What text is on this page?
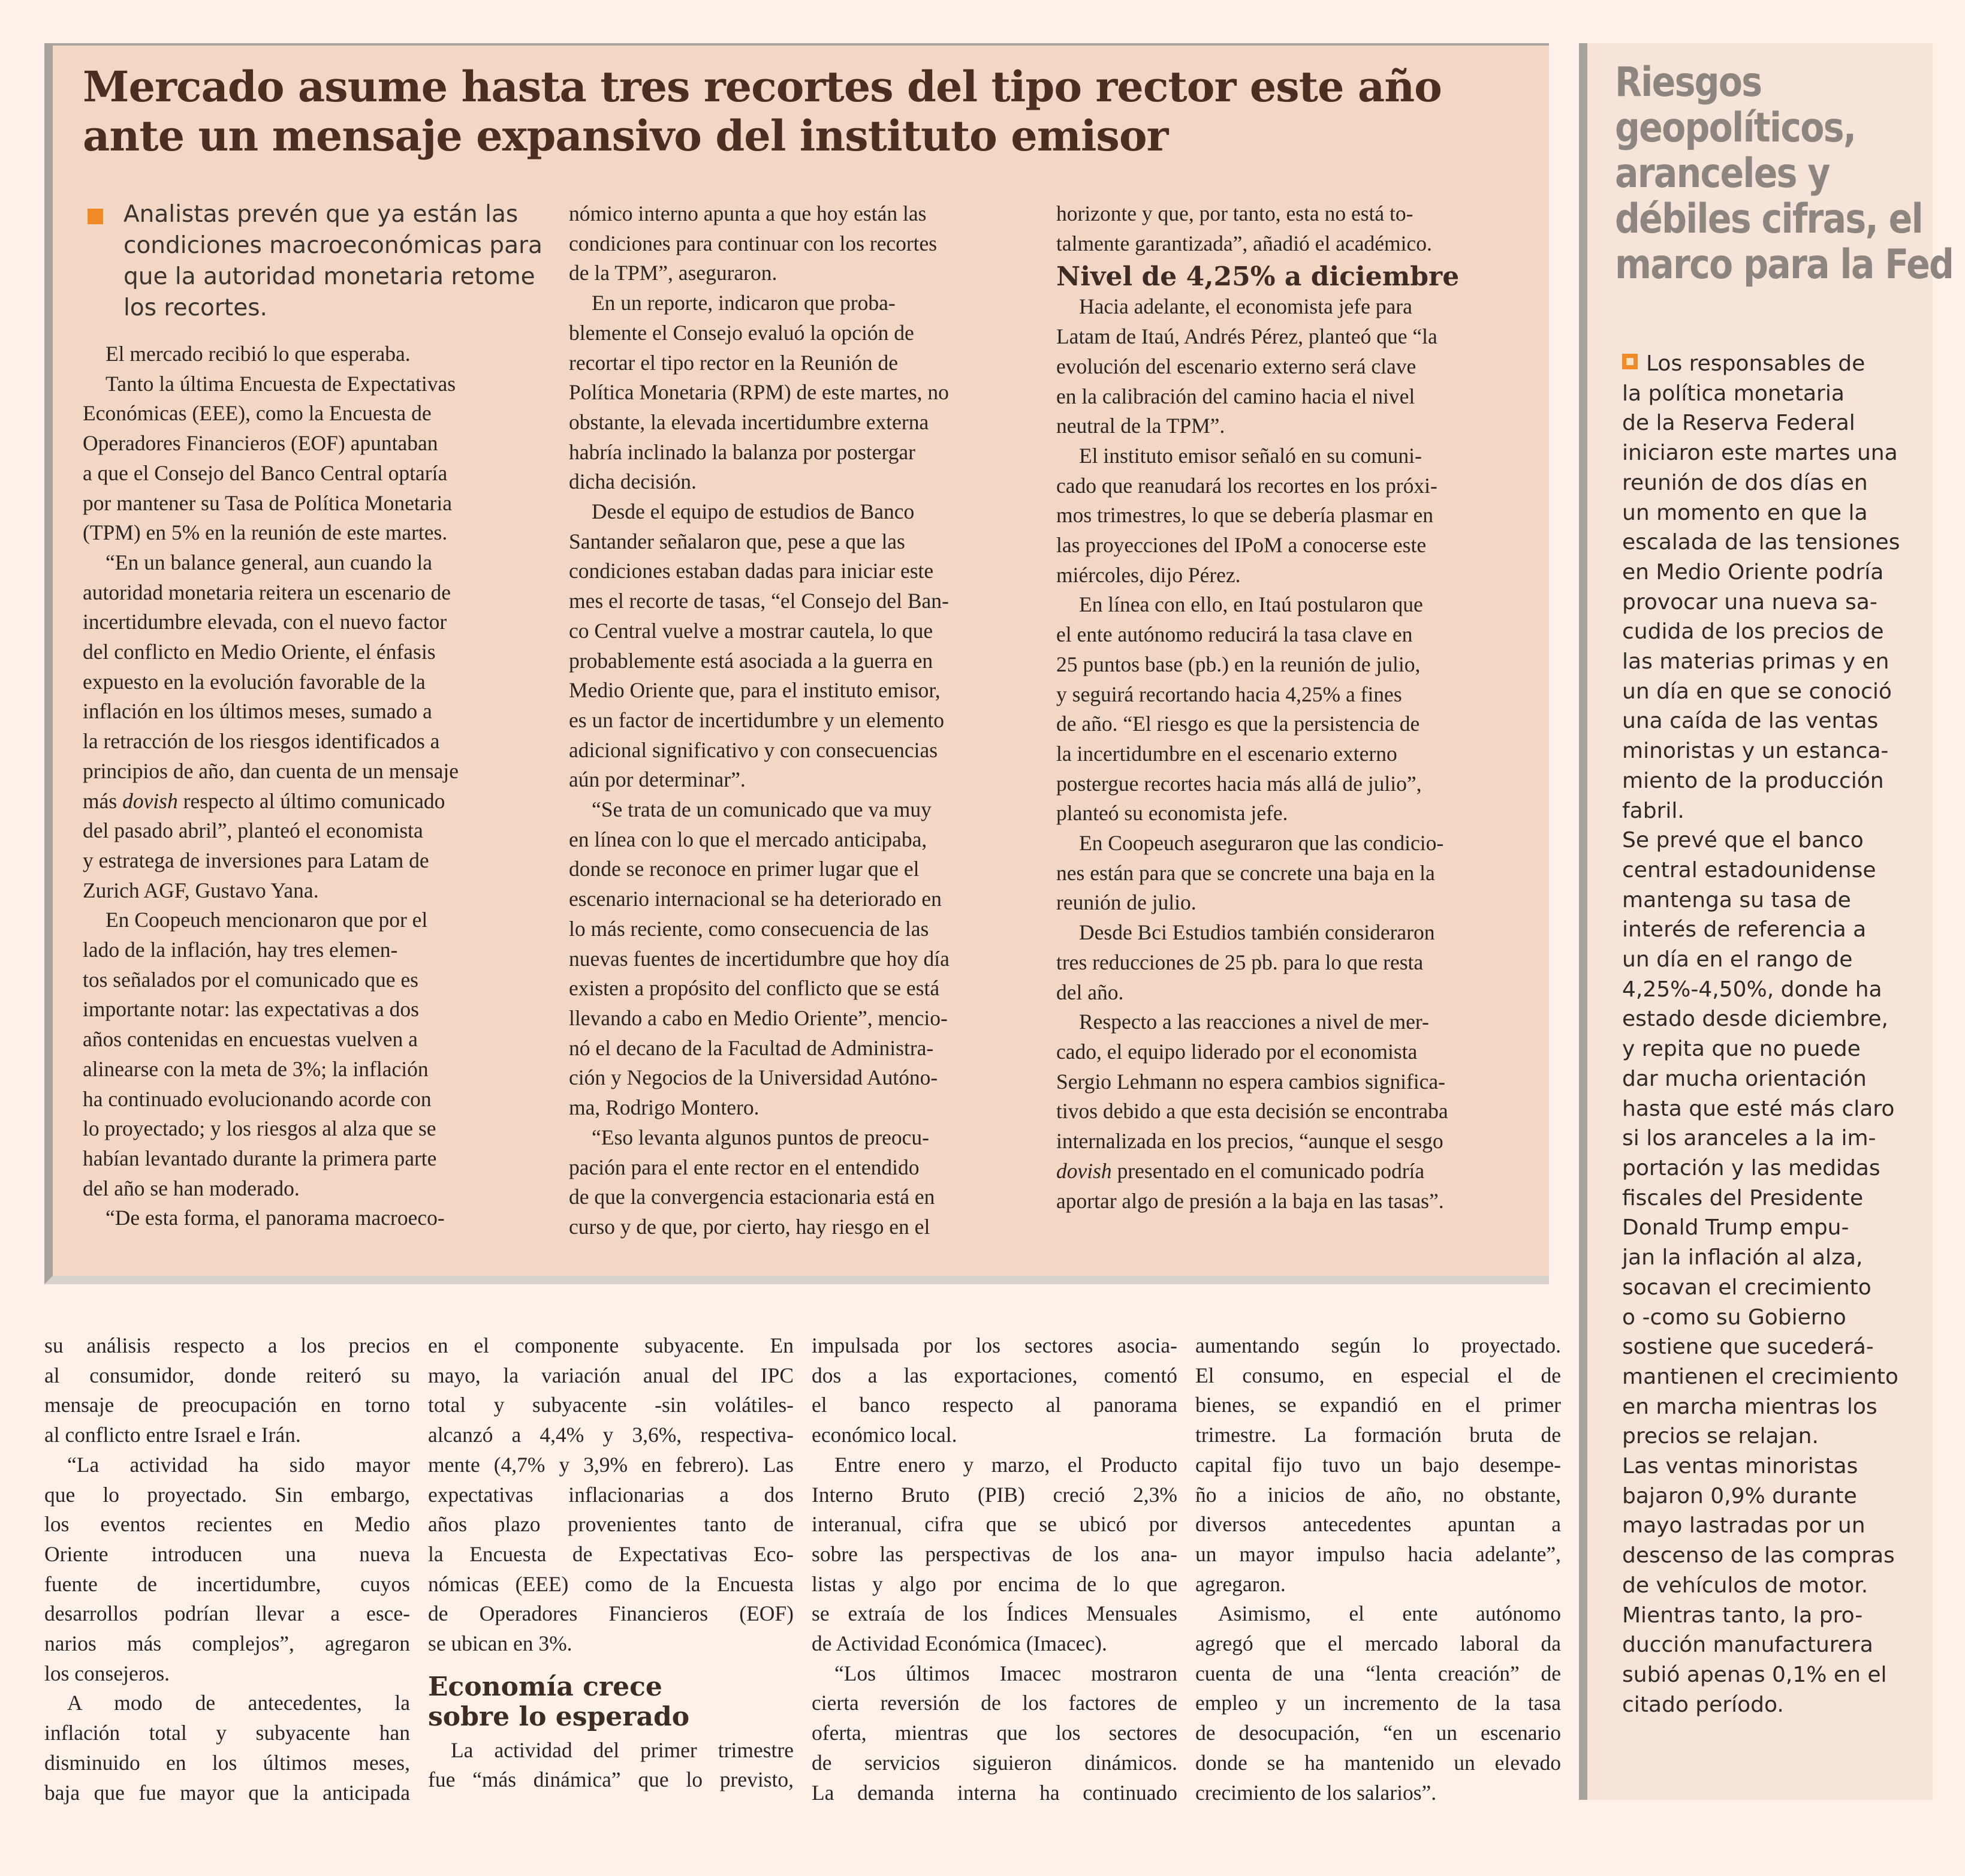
Mercado asume hasta tres recortes del tipo rector este año
ante un mensaje expansivo del instituto emisor
Analistas prevén que ya están las
condiciones macroeconómicas para
que la autoridad monetaria retome
los recortes.

El mercado recibió lo que esperaba.

Tanto la última Encuesta de Expectativas

Económicas (EEE), como la Encuesta de

Operadores Financieros (EOF) apuntaban

a que el Consejo del Banco Central optaría

por mantener su Tasa de Política Monetaria

(TPM) en 5% en la reunión de este martes.

“En un balance general, aun cuando la

autoridad monetaria reitera un escenario de

incertidumbre elevada, con el nuevo factor

del conflicto en Medio Oriente, el énfasis

expuesto en la evolución favorable de la

inflación en los últimos meses, sumado a

la retracción de los riesgos identificados a

principios de año, dan cuenta de un mensaje

más dovish respecto al último comunicado

del pasado abril”, planteó el economista

y estratega de inversiones para Latam de

Zurich AGF, Gustavo Yana.

En Coopeuch mencionaron que por el

lado de la inflación, hay tres elemen-

tos señalados por el comunicado que es

importante notar: las expectativas a dos

años contenidas en encuestas vuelven a

alinearse con la meta de 3%; la inflación

ha continuado evolucionando acorde con

lo proyectado; y los riesgos al alza que se

habían levantado durante la primera parte

del año se han moderado.

“De esta forma, el panorama macroeco-

nómico interno apunta a que hoy están las

condiciones para continuar con los recortes

de la TPM”, aseguraron.

En un reporte, indicaron que proba-

blemente el Consejo evaluó la opción de

recortar el tipo rector en la Reunión de

Política Monetaria (RPM) de este martes, no

obstante, la elevada incertidumbre externa

habría inclinado la balanza por postergar

dicha decisión.

Desde el equipo de estudios de Banco

Santander señalaron que, pese a que las

condiciones estaban dadas para iniciar este

mes el recorte de tasas, “el Consejo del Ban-

co Central vuelve a mostrar cautela, lo que

probablemente está asociada a la guerra en

Medio Oriente que, para el instituto emisor,

es un factor de incertidumbre y un elemento

adicional significativo y con consecuencias

aún por determinar”.

“Se trata de un comunicado que va muy

en línea con lo que el mercado anticipaba,

donde se reconoce en primer lugar que el

escenario internacional se ha deteriorado en

lo más reciente, como consecuencia de las

nuevas fuentes de incertidumbre que hoy día

existen a propósito del conflicto que se está

llevando a cabo en Medio Oriente”, mencio-

nó el decano de la Facultad de Administra-

ción y Negocios de la Universidad Autóno-

ma, Rodrigo Montero.

“Eso levanta algunos puntos de preocu-

pación para el ente rector en el entendido

de que la convergencia estacionaria está en

curso y de que, por cierto, hay riesgo en el

horizonte y que, por tanto, esta no está to-

talmente garantizada”, añadió el académico.

Nivel de 4,25% a diciembre

Hacia adelante, el economista jefe para

Latam de Itaú, Andrés Pérez, planteó que “la

evolución del escenario externo será clave

en la calibración del camino hacia el nivel

neutral de la TPM”.

El instituto emisor señaló en su comuni-

cado que reanudará los recortes en los próxi-

mos trimestres, lo que se debería plasmar en

las proyecciones del IPoM a conocerse este

miércoles, dijo Pérez.

En línea con ello, en Itaú postularon que

el ente autónomo reducirá la tasa clave en

25 puntos base (pb.) en la reunión de julio,

y seguirá recortando hacia 4,25% a fines

de año. “El riesgo es que la persistencia de

la incertidumbre en el escenario externo

postergue recortes hacia más allá de julio”,

planteó su economista jefe.

En Coopeuch aseguraron que las condicio-

nes están para que se concrete una baja en la

reunión de julio.

Desde Bci Estudios también consideraron

tres reducciones de 25 pb. para lo que resta

del año.

Respecto a las reacciones a nivel de mer-

cado, el equipo liderado por el economista

Sergio Lehmann no espera cambios significa-

tivos debido a que esta decisión se encontraba

internalizada en los precios, “aunque el sesgo

dovish presentado en el comunicado podría

aportar algo de presión a la baja en las tasas”.

su análisis respecto a los precios

al consumidor, donde reiteró su

mensaje de preocupación en torno

al conflicto entre Israel e Irán.

“La actividad ha sido mayor

que lo proyectado. Sin embargo,

los eventos recientes en Medio

Oriente introducen una nueva

fuente de incertidumbre, cuyos

desarrollos podrían llevar a esce-

narios más complejos”, agregaron

los consejeros.

A modo de antecedentes, la

inflación total y subyacente han

disminuido en los últimos meses,

baja que fue mayor que la anticipada

en el componente subyacente. En

mayo, la variación anual del IPC

total y subyacente -sin volátiles-

alcanzó a 4,4% y 3,6%, respectiva-

mente (4,7% y 3,9% en febrero). Las

expectativas inflacionarias a dos

años plazo provenientes tanto de

la Encuesta de Expectativas Eco-

nómicas (EEE) como de la Encuesta

de Operadores Financieros (EOF)

se ubican en 3%.

Economía crece
sobre lo esperado

La actividad del primer trimestre

fue “más dinámica” que lo previsto,

impulsada por los sectores asocia-

dos a las exportaciones, comentó

el banco respecto al panorama

económico local.

Entre enero y marzo, el Producto

Interno Bruto (PIB) creció 2,3%

interanual, cifra que se ubicó por

sobre las perspectivas de los ana-

listas y algo por encima de lo que

se extraía de los Índices Mensuales

de Actividad Económica (Imacec).

“Los últimos Imacec mostraron

cierta reversión de los factores de

oferta, mientras que los sectores

de servicios siguieron dinámicos.

La demanda interna ha continuado

aumentando según lo proyectado.

El consumo, en especial el de

bienes, se expandió en el primer

trimestre. La formación bruta de

capital fijo tuvo un bajo desempe-

ño a inicios de año, no obstante,

diversos antecedentes apuntan a

un mayor impulso hacia adelante”,

agregaron.

Asimismo, el ente autónomo

agregó que el mercado laboral da

cuenta de una “lenta creación” de

empleo y un incremento de la tasa

de desocupación, “en un escenario

donde se ha mantenido un elevado

crecimiento de los salarios”.

Riesgos
geopolíticos,
aranceles y
débiles cifras, el
marco para la Fed

Los responsables de
la política monetaria
de la Reserva Federal
iniciaron este martes una
reunión de dos días en
un momento en que la
escalada de las tensiones
en Medio Oriente podría
provocar una nueva sa-
cudida de los precios de
las materias primas y en
un día en que se conoció
una caída de las ventas
minoristas y un estanca-
miento de la producción
fabril.

Se prevé que el banco
central estadounidense
mantenga su tasa de
interés de referencia a
un día en el rango de
4,25%-4,50%, donde ha
estado desde diciembre,
y repita que no puede
dar mucha orientación
hasta que esté más claro
si los aranceles a la im-
portación y las medidas
fiscales del Presidente
Donald Trump empu-
jan la inflación al alza,
socavan el crecimiento
o -como su Gobierno
sostiene que sucederá-
mantienen el crecimiento
en marcha mientras los
precios se relajan.

Las ventas minoristas
bajaron 0,9% durante
mayo lastradas por un
descenso de las compras
de vehículos de motor.
Mientras tanto, la pro-
ducción manufacturera
subió apenas 0,1% en el
citado período.
